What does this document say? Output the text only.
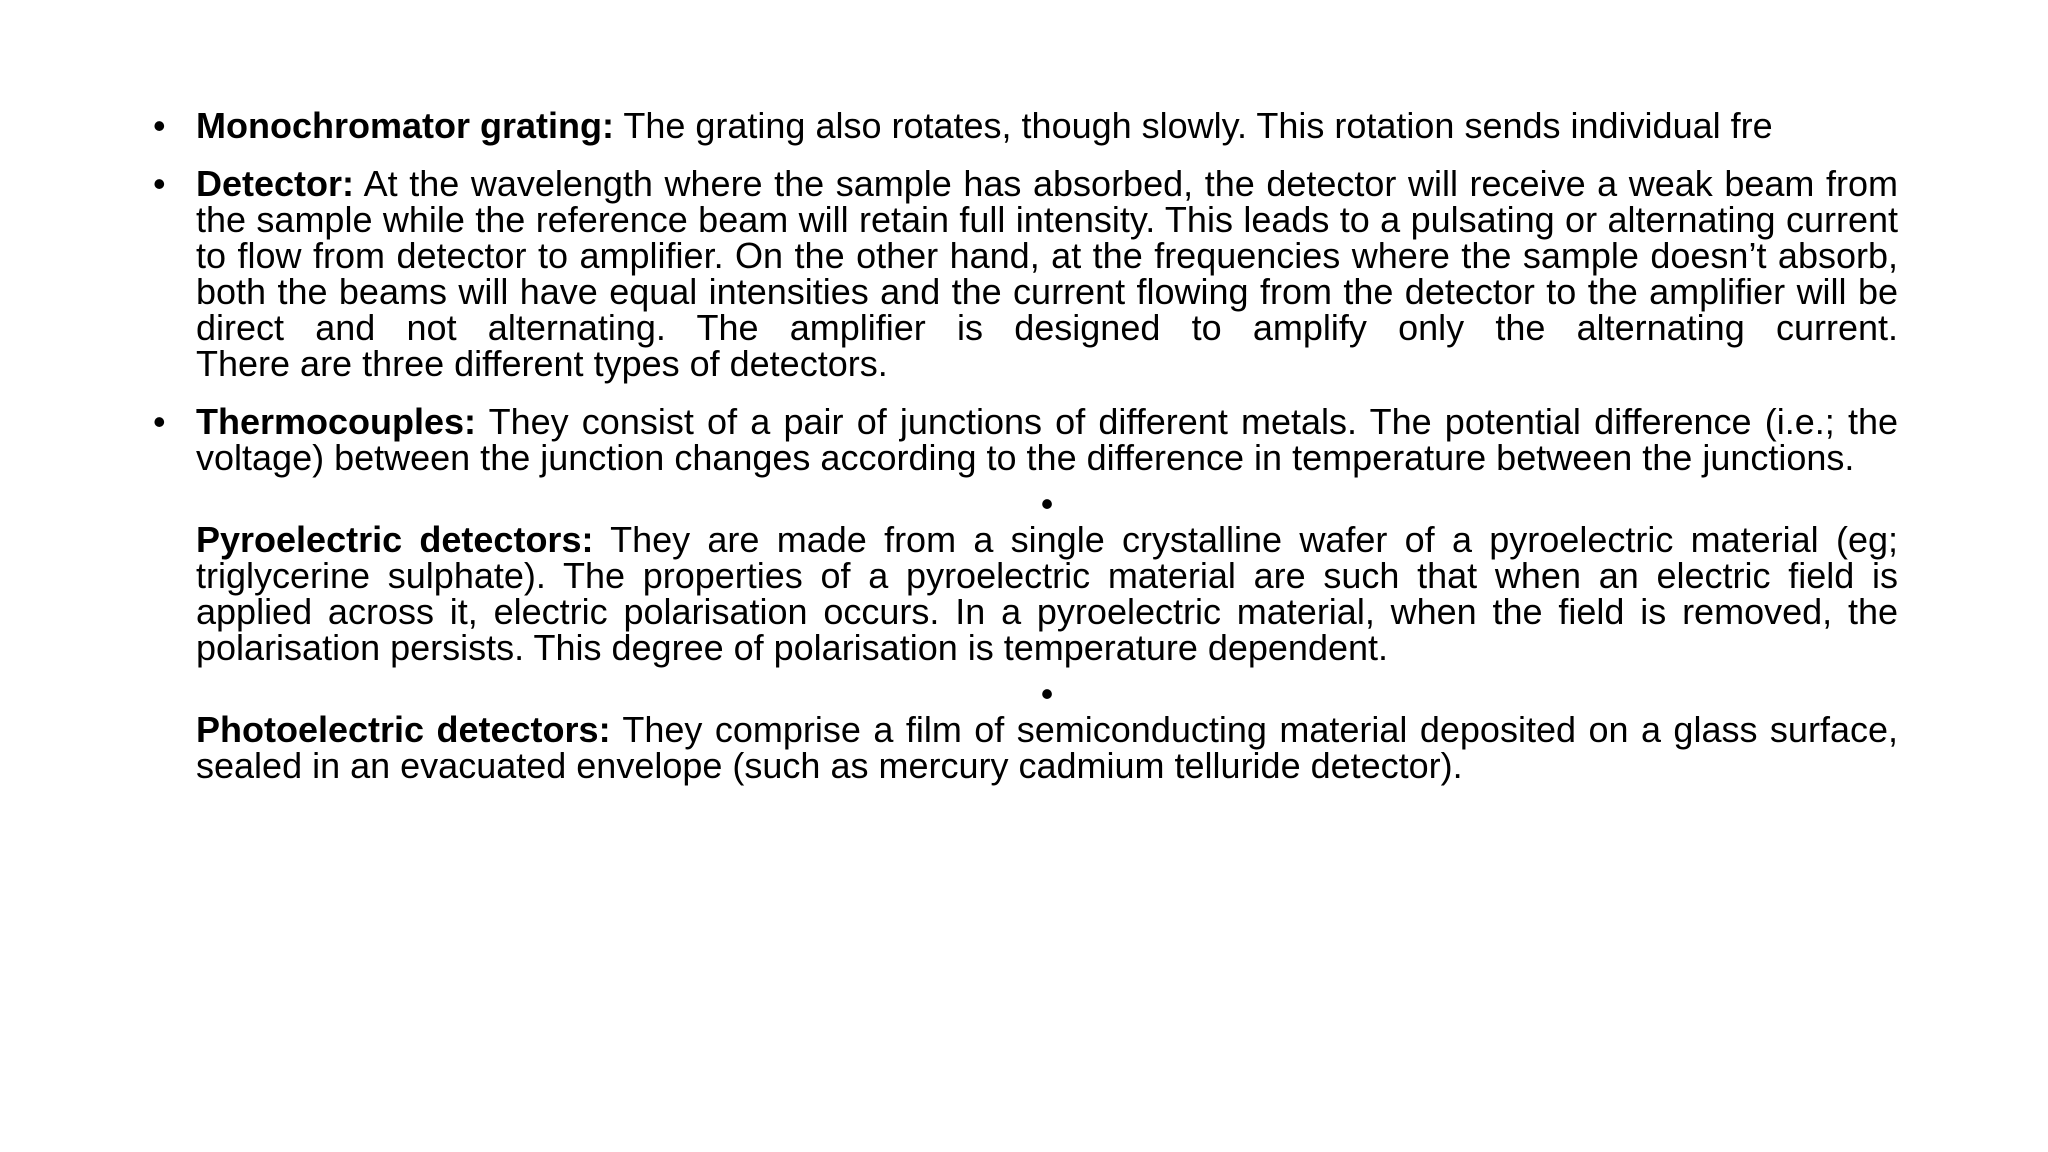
• Monochromator grating: The grating also rotates, though slowly. This rotation sends individual fre
• Detector: At the wavelength where the sample has absorbed, the detector will receive a weak beam from the sample while the reference beam will retain full intensity. This leads to a pulsating or alternating current to flow from detector to amplifier. On the other hand, at the frequencies where the sample doesn’t absorb, both the beams will have equal intensities and the current flowing from the detector to the amplifier will be direct and not alternating. The amplifier is designed to amplify only the alternating current.
There are three different types of detectors.
• Thermocouples: They consist of a pair of junctions of different metals. The potential difference (i.e.; the voltage) between the junction changes according to the difference in temperature between the junctions.
•
Pyroelectric detectors: They are made from a single crystalline wafer of a pyroelectric material (eg; triglycerine sulphate). The properties of a pyroelectric material are such that when an electric field is applied across it, electric polarisation occurs. In a pyroelectric material, when the field is removed, the polarisation persists. This degree of polarisation is temperature dependent.
•
Photoelectric detectors: They comprise a film of semiconducting material deposited on a glass surface, sealed in an evacuated envelope (such as mercury cadmium telluride detector).
